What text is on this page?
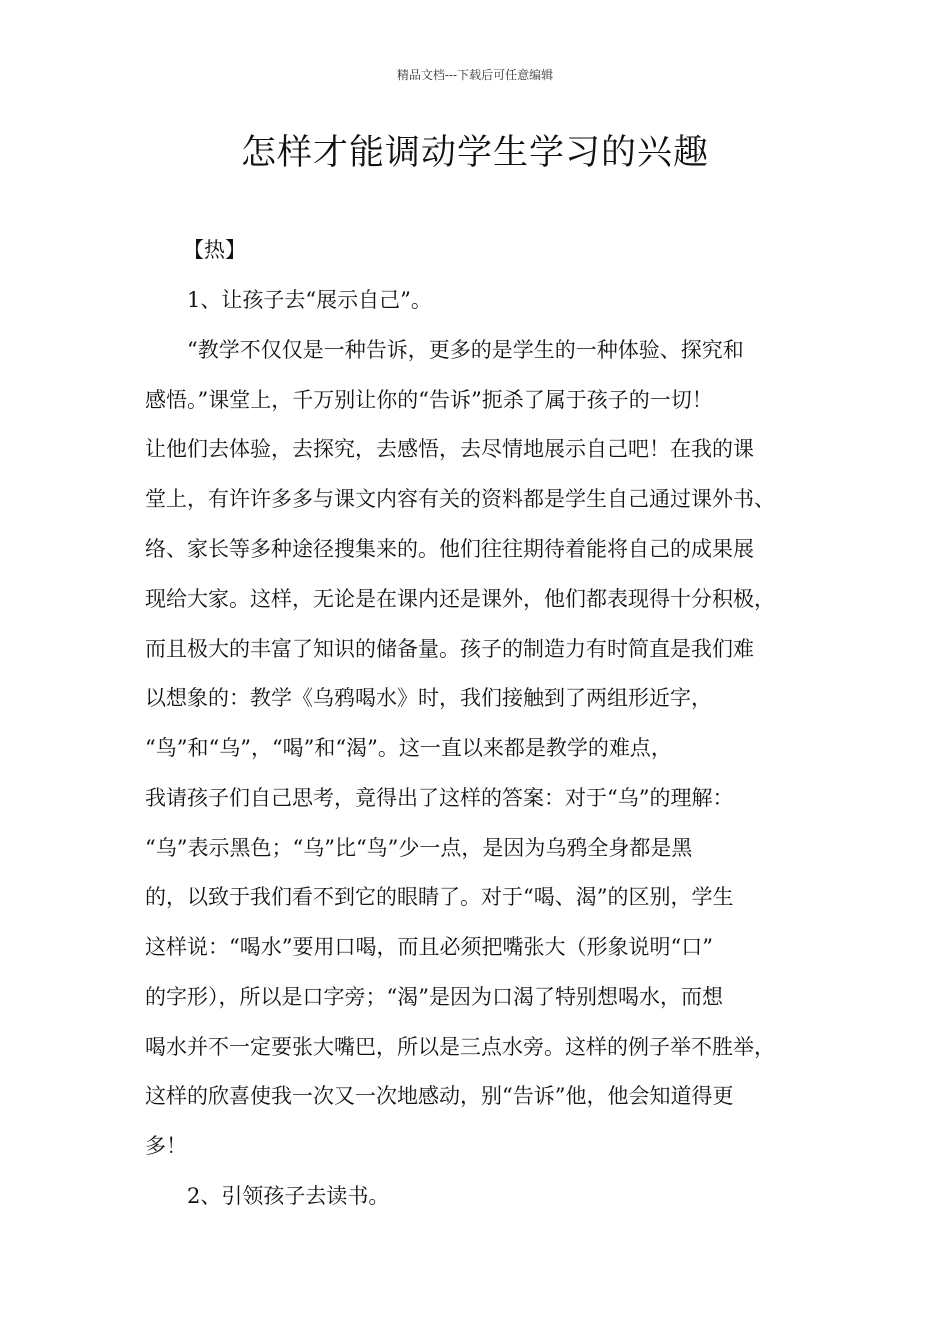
精品文档---下载后可任意编辑
怎样才能调动学生学习的兴趣
【热】
1、让孩子去“展示自己”。
“教学不仅仅是一种告诉，更多的是学生的一种体验、探究和
感悟。”课堂上，千万别让你的“告诉”扼杀了属于孩子的一切！
让他们去体验，去探究，去感悟，去尽情地展示自己吧！在我的课
堂上，有许许多多与课文内容有关的资料都是学生自己通过课外书、
络、家长等多种途径搜集来的。他们往往期待着能将自己的成果展
现给大家。这样，无论是在课内还是课外，他们都表现得十分积极，
而且极大的丰富了知识的储备量。孩子的制造力有时简直是我们难
以想象的：教学《乌鸦喝水》时，我们接触到了两组形近字，
“鸟”和“乌”，“喝”和“渴”。这一直以来都是教学的难点，
我请孩子们自己思考，竟得出了这样的答案：对于“乌”的理解：
“乌”表示黑色；“乌”比“鸟”少一点，是因为乌鸦全身都是黑
的，以致于我们看不到它的眼睛了。对于“喝、渴”的区别，学生
这样说：“喝水”要用口喝，而且必须把嘴张大（形象说明“口”
的字形），所以是口字旁；“渴”是因为口渴了特别想喝水，而想
喝水并不一定要张大嘴巴，所以是三点水旁。这样的例子举不胜举，
这样的欣喜使我一次又一次地感动，别“告诉”他，他会知道得更
多！
2、引领孩子去读书。
